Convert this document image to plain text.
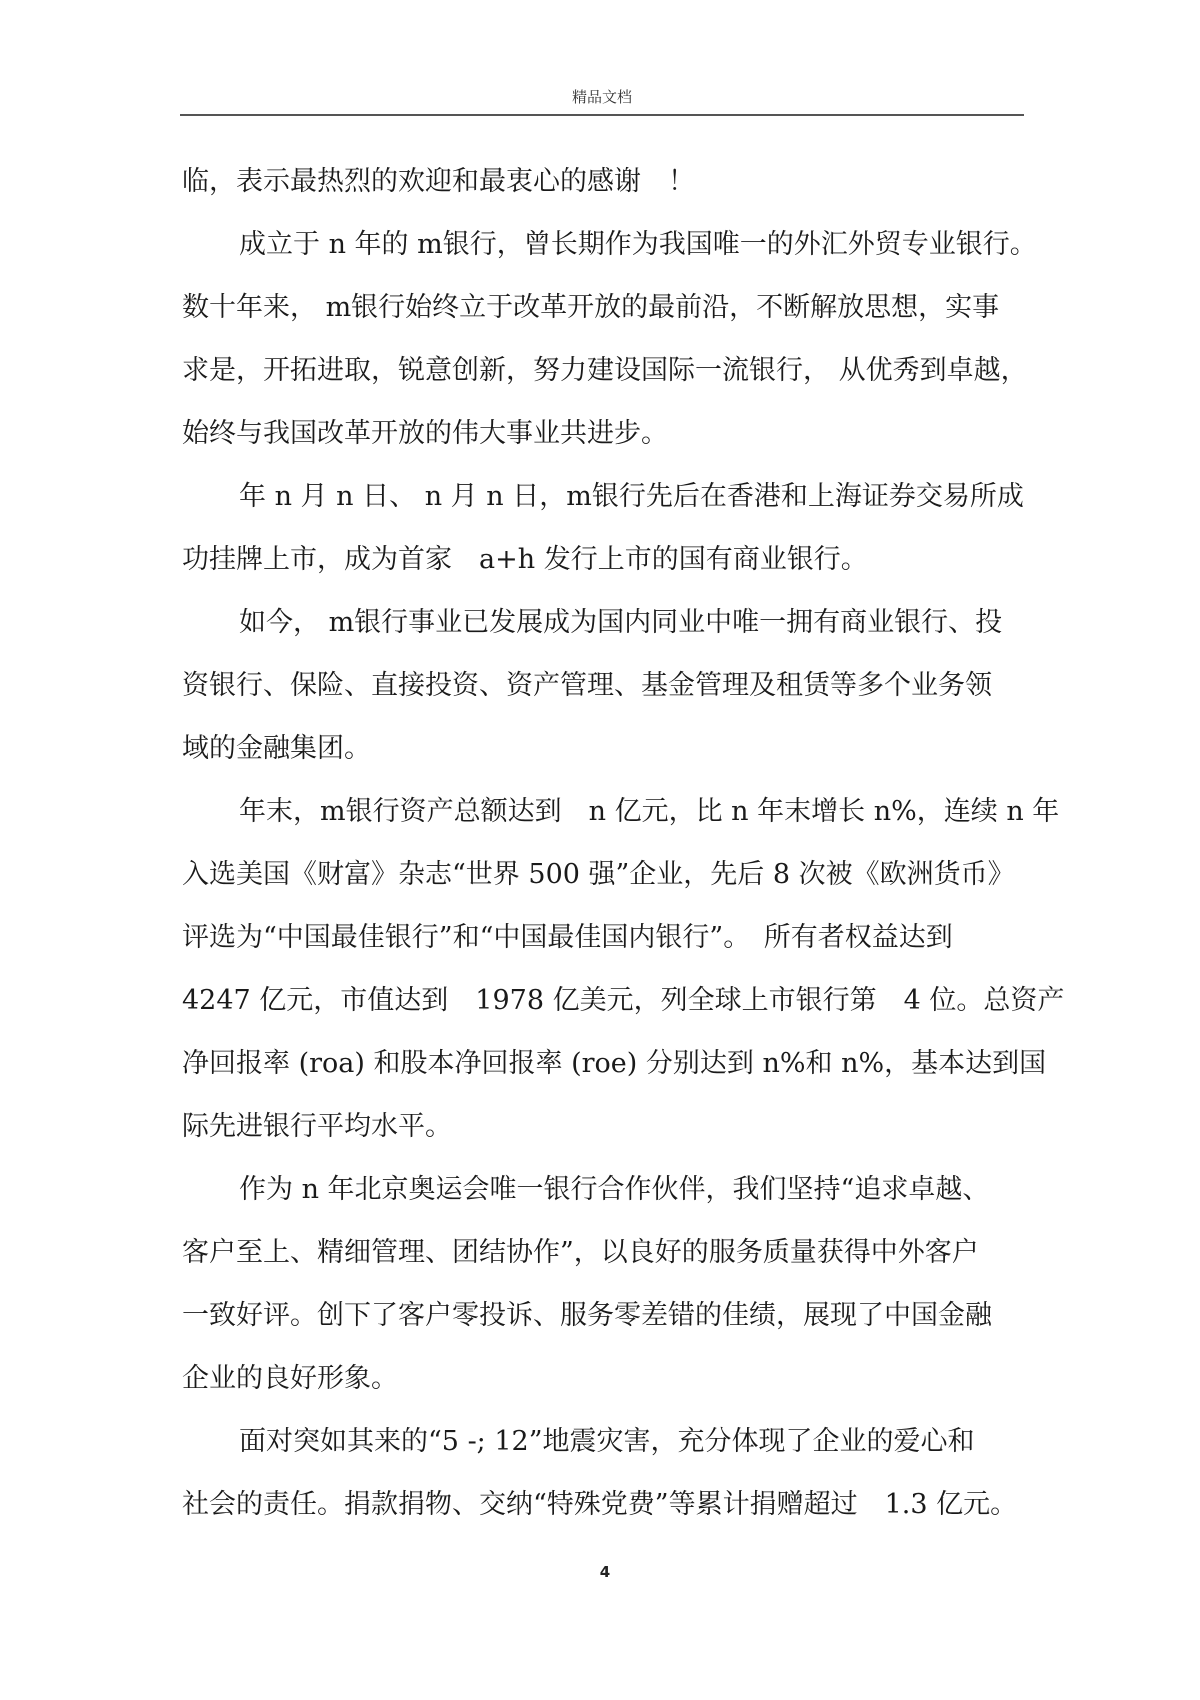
精品文档
临，表示最热烈的欢迎和最衷心的感谢　！
成立于 n 年的 m银行，曾长期作为我国唯一的外汇外贸专业银行。
数十年来， m银行始终立于改革开放的最前沿，不断解放思想，实事
求是，开拓进取，锐意创新，努力建设国际一流银行， 从优秀到卓越，
始终与我国改革开放的伟大事业共进步。
年 n 月 n 日、 n 月 n 日，m银行先后在香港和上海证券交易所成
功挂牌上市，成为首家　a+h 发行上市的国有商业银行。
如今， m银行事业已发展成为国内同业中唯一拥有商业银行、投
资银行、保险、直接投资、资产管理、基金管理及租赁等多个业务领
域的金融集团。
年末，m银行资产总额达到　n 亿元，比 n 年末增长 n%，连续 n 年
入选美国《财富》杂志“世界 500 强”企业，先后 8 次被《欧洲货币》
评选为“中国最佳银行”和“中国最佳国内银行”。　所有者权益达到
4247 亿元，市值达到　1978 亿美元，列全球上市银行第　4 位。总资产
净回报率 (roa) 和股本净回报率 (roe) 分别达到 n%和 n%，基本达到国
际先进银行平均水平。
作为 n 年北京奥运会唯一银行合作伙伴，我们坚持“追求卓越、
客户至上、精细管理、团结协作”，以良好的服务质量获得中外客户
一致好评。创下了客户零投诉、服务零差错的佳绩，展现了中国金融
企业的良好形象。
面对突如其来的“5 -; 12”地震灾害，充分体现了企业的爱心和
社会的责任。捐款捐物、交纳“特殊党费”等累计捐赠超过　1.3 亿元。
4
